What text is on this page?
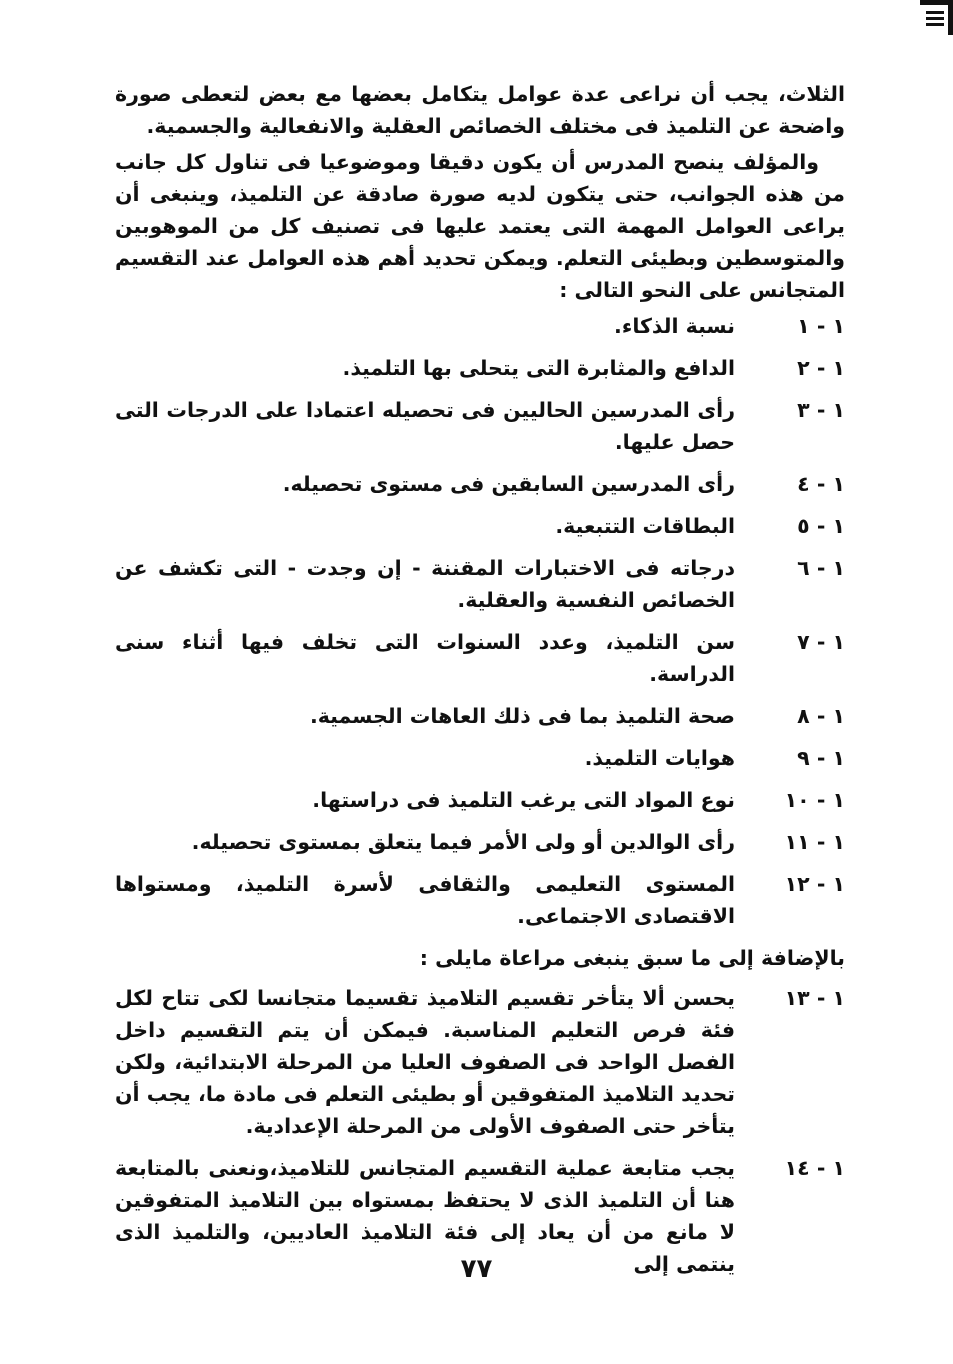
الثلاث، يجب أن نراعى عدة عوامل يتكامل بعضها مع بعض لتعطى صورة واضحة عن التلميذ فى مختلف الخصائص العقلية والانفعالية والجسمية.

والمؤلف ينصح المدرس أن يكون دقيقا وموضوعيا فى تناول كل جانب من هذه الجوانب، حتى يتكون لديه صورة صادقة عن التلميذ، وينبغى أن يراعى العوامل المهمة التى يعتمد عليها فى تصنيف كل من الموهوبين والمتوسطين وبطيئى التعلم. ويمكن تحديد أهم هذه العوامل عند التقسيم المتجانس على النحو التالى :

١ - ١
نسبة الذكاء.
١ - ٢
الدافع والمثابرة التى يتحلى بها التلميذ.
١ - ٣
رأى المدرسين الحاليين فى تحصيله اعتمادا على الدرجات التى حصل عليها.
١ - ٤
رأى المدرسين السابقين فى مستوى تحصيله.
١ - ٥
البطاقات التتبعية.
١ - ٦
درجاته فى الاختبارات المقننة - إن وجدت - التى تكشف عن الخصائص النفسية والعقلية.
١ - ٧
سن التلميذ، وعدد السنوات التى تخلف فيها أثناء سنى الدراسة.
١ - ٨
صحة التلميذ بما فى ذلك العاهات الجسمية.
١ - ٩
هوايات التلميذ.
١ - ١٠
نوع المواد التى يرغب التلميذ فى دراستها.
١ - ١١
رأى الوالدين أو ولى الأمر فيما يتعلق بمستوى تحصيله.
١ - ١٢
المستوى التعليمى والثقافى لأسرة التلميذ، ومستواها الاقتصادى الاجتماعى.

بالإضافة إلى ما سبق ينبغى مراعاة مايلى :

١ - ١٣
يحسن ألا يتأخر تقسيم التلاميذ تقسيما متجانسا لكى تتاح لكل فئة فرص التعليم المناسبة. فيمكن أن يتم التقسيم داخل الفصل الواحد فى الصفوف العليا من المرحلة الابتدائية، ولكن تحديد التلاميذ المتفوقين أو بطيئى التعلم فى مادة ما، يجب أن يتأخر حتى الصفوف الأولى من المرحلة الإعدادية.
١ - ١٤
يجب متابعة عملية التقسيم المتجانس للتلاميذ،ونعنى بالمتابعة هنا أن التلميذ الذى لا يحتفظ بمستواه بين التلاميذ المتفوقين لا مانع من أن يعاد إلى فئة التلاميذ العاديين، والتلميذ الذى ينتمى إلى
٧٧
